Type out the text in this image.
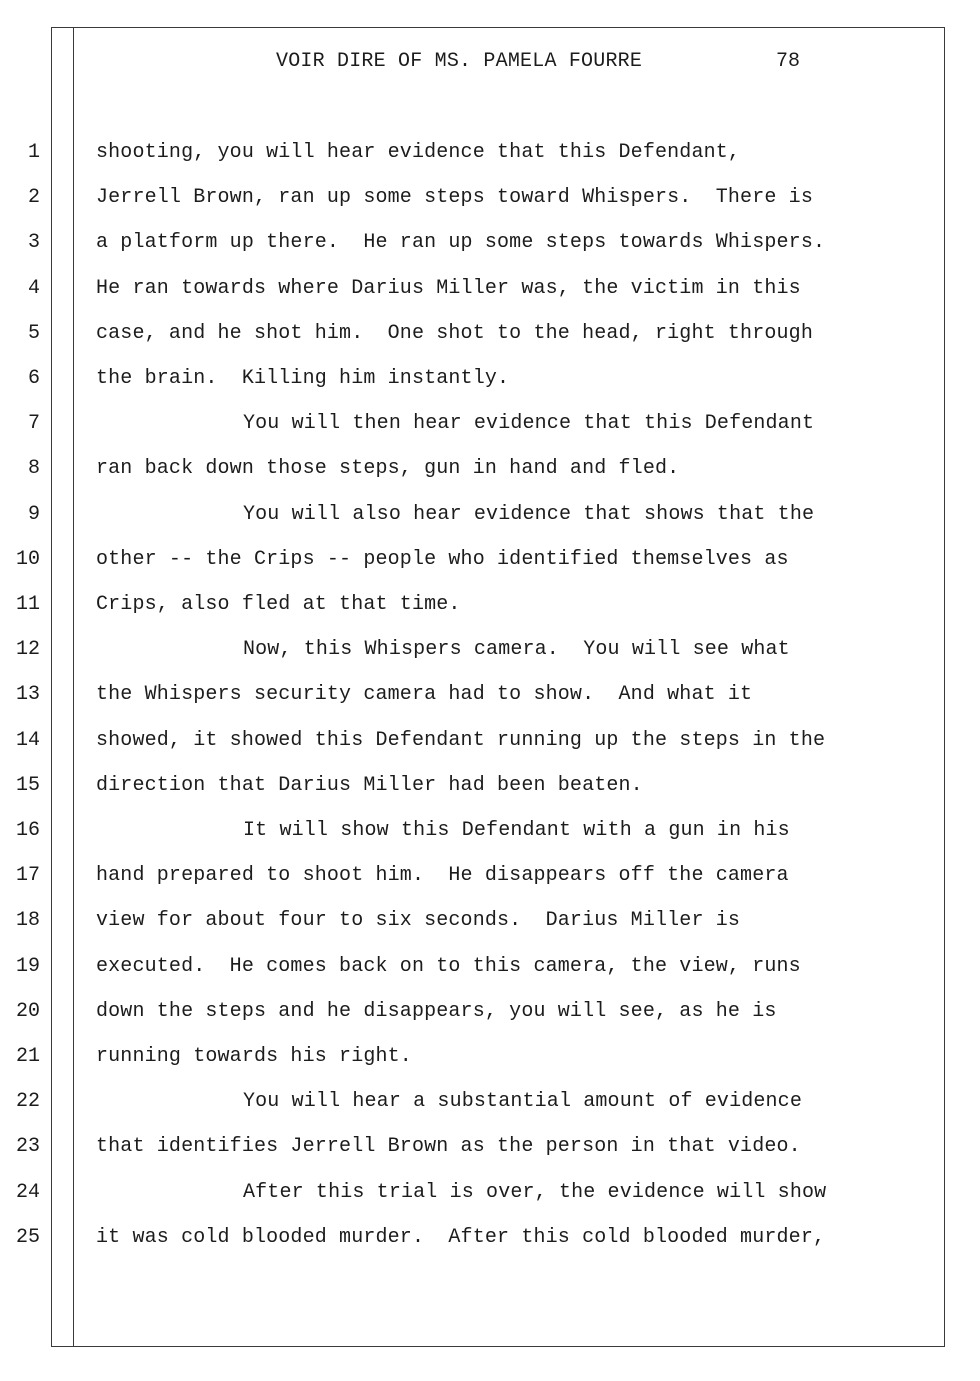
VOIR DIRE OF MS. PAMELA FOURRE	78
1	shooting, you will hear evidence that this Defendant,
2	Jerrell Brown, ran up some steps toward Whispers.  There is
3	a platform up there.  He ran up some steps towards Whispers.
4	He ran towards where Darius Miller was, the victim in this
5	case, and he shot him.  One shot to the head, right through
6	the brain.  Killing him instantly.
7	You will then hear evidence that this Defendant
8	ran back down those steps, gun in hand and fled.
9	You will also hear evidence that shows that the
10	other -- the Crips -- people who identified themselves as
11	Crips, also fled at that time.
12	Now, this Whispers camera.  You will see what
13	the Whispers security camera had to show.  And what it
14	showed, it showed this Defendant running up the steps in the
15	direction that Darius Miller had been beaten.
16	It will show this Defendant with a gun in his
17	hand prepared to shoot him.  He disappears off the camera
18	view for about four to six seconds.  Darius Miller is
19	executed.  He comes back on to this camera, the view, runs
20	down the steps and he disappears, you will see, as he is
21	running towards his right.
22	You will hear a substantial amount of evidence
23	that identifies Jerrell Brown as the person in that video.
24	After this trial is over, the evidence will show
25	it was cold blooded murder.  After this cold blooded murder,
